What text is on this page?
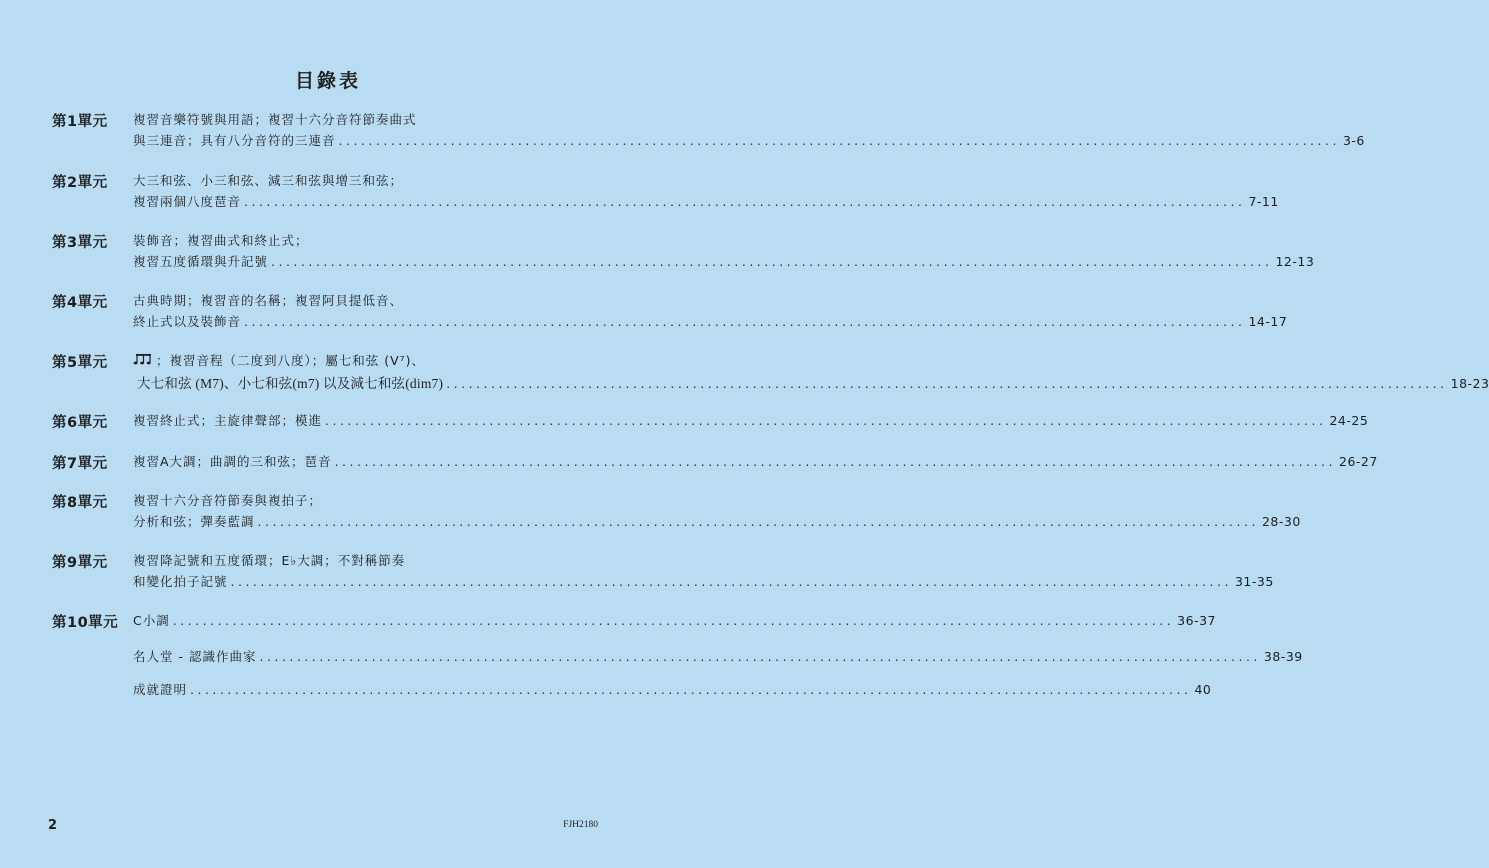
目錄表
第1單元 複習音樂符號與用語；複習十六分音符節奏曲式
與三連音；具有八分音符的三連音 ...................................................................................................................................... 3-6
第2單元 大三和弦、小三和弦、減三和弦與增三和弦；
複習兩個八度琶音 ...................................................................................................................................... 7-11
第3單元 裝飾音；複習曲式和終止式；
複習五度循環與升記號 ...................................................................................................................................... 12-13
第4單元 古典時期；複習音的名稱；複習阿貝提低音、
終止式以及裝飾音 ...................................................................................................................................... 14-17
第5單元	；複習音程（二度到八度）；屬七和弦 (V⁷)、
大七和弦 (M7)、小七和弦(m7) 以及減七和弦(dim7) ...................................................................................................................................... 18-23
第6單元 複習終止式；主旋律聲部；模進 ...................................................................................................................................... 24-25
第7單元 複習A大調；曲調的三和弦；琶音 ...................................................................................................................................... 26-27
第8單元 複習十六分音符節奏與複拍子；
分析和弦；彈奏藍調 ...................................................................................................................................... 28-30
第9單元 複習降記號和五度循環；E♭大調；不對稱節奏
和變化拍子記號 ...................................................................................................................................... 31-35
第10單元 C小調 ...................................................................................................................................... 36-37
名人堂 - 認識作曲家 ...................................................................................................................................... 38-39
成就證明 ...................................................................................................................................... 40
2	FJH2180
